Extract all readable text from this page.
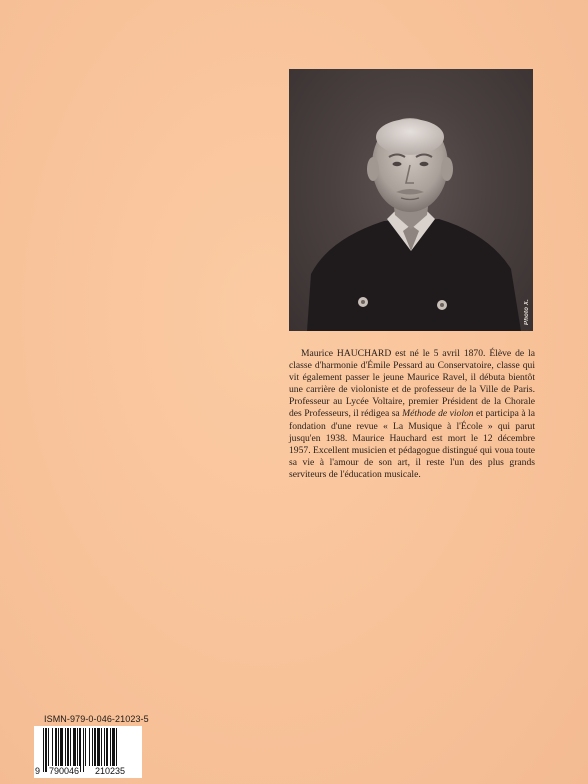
Photo X.

Maurice HAUCHARD est né le 5 avril 1870. Élève de la classe d'harmonie d'Émile Pessard au Conservatoire, classe qui vit également passer le jeune Maurice Ravel, il débuta bientôt une carrière de violoniste et de professeur de la Ville de Paris. Professeur au Lycée Voltaire, premier Président de la Chorale des Professeurs, il rédigea sa Méthode de violon et participa à la fondation d'une revue « La Musique à l'École » qui parut jusqu'en 1938. Maurice Hauchard est mort le 12 décembre 1957. Excellent musicien et pédagogue distingué qui voua toute sa vie à l'amour de son art, il reste l'un des plus grands serviteurs de l'éducation musicale.

ISMN-979-0-046-21023-5

9 790046 210235
